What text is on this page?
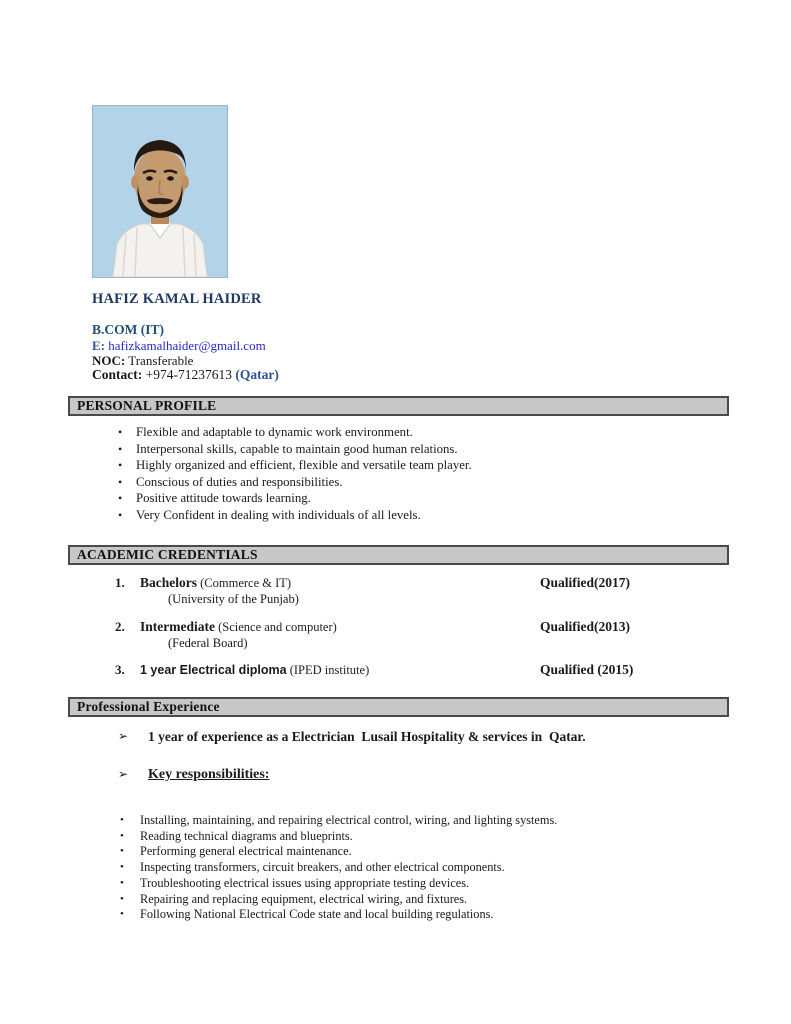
HAFIZ KAMAL HAIDER
B.COM (IT)
E: hafizkamalhaider@gmail.com
NOC: Transferable
Contact: +974-71237613 (Qatar)
PERSONAL PROFILE
• Flexible and adaptable to dynamic work environment.
• Interpersonal skills, capable to maintain good human relations.
• Highly organized and efficient, flexible and versatile team player.
• Conscious of duties and responsibilities.
• Positive attitude towards learning.
• Very Confident in dealing with individuals of all levels.
ACADEMIC CREDENTIALS
1.	Bachelors (Commerce & IT)	Qualified(2017)
(University of the Punjab)
2.	Intermediate (Science and computer)	Qualified(2013)
(Federal Board)
3.	1 year Electrical diploma (IPED institute)	Qualified (2015)
Professional Experience
➢ 1 year of experience as a Electrician  Lusail Hospitality & services in  Qatar.
➢ Key responsibilities:
• Installing, maintaining, and repairing electrical control, wiring, and lighting systems.
• Reading technical diagrams and blueprints.
• Performing general electrical maintenance.
• Inspecting transformers, circuit breakers, and other electrical components.
• Troubleshooting electrical issues using appropriate testing devices.
• Repairing and replacing equipment, electrical wiring, and fixtures.
• Following National Electrical Code state and local building regulations.
